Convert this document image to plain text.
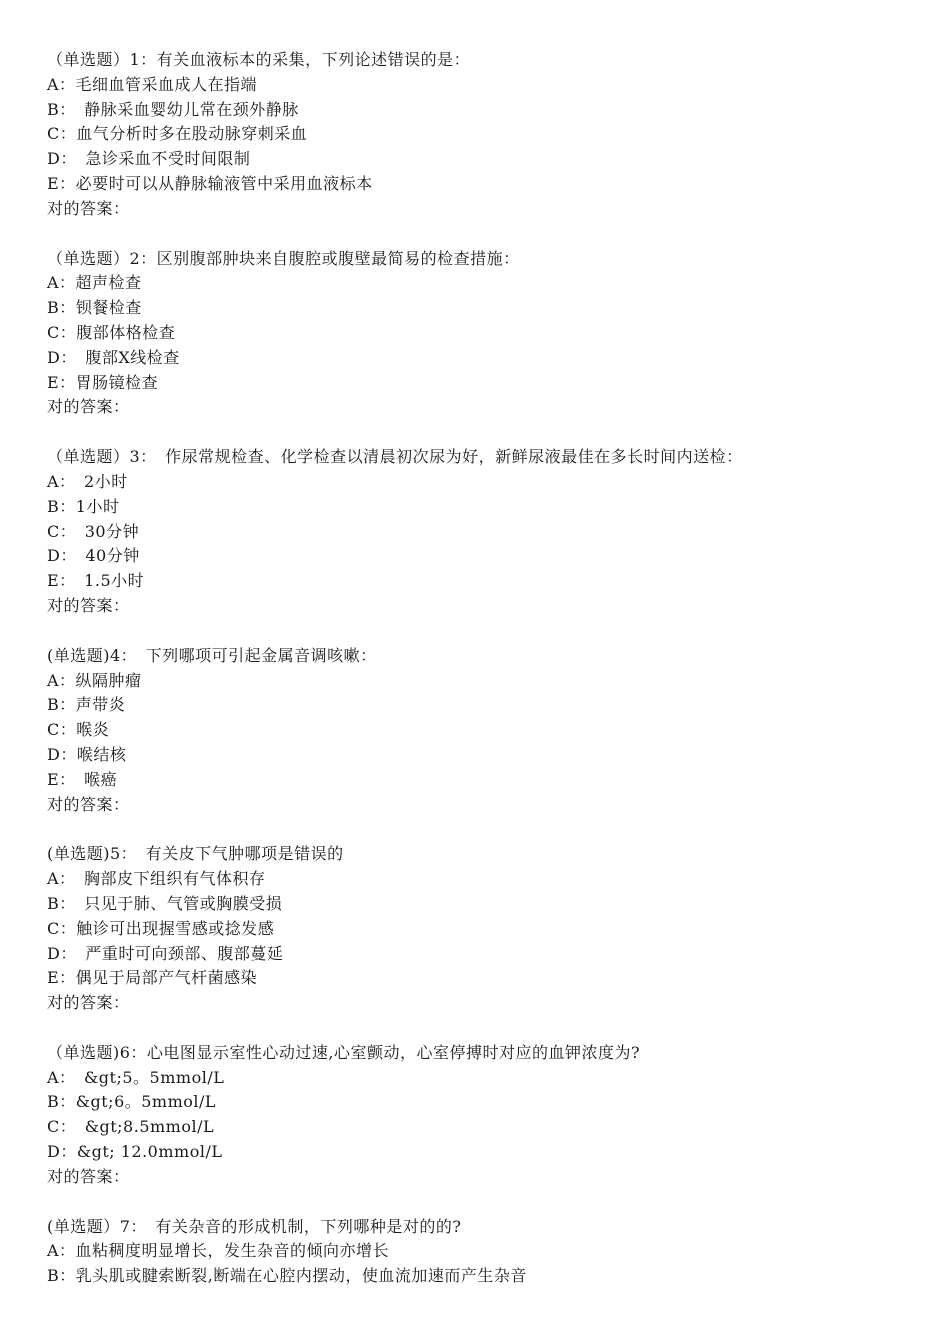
（单选题）1：有关血液标本的采集，下列论述错误的是：
A：毛细血管采血成人在指端
B：　静脉采血婴幼儿常在颈外静脉
C：血气分析时多在股动脉穿刺采血
D：　急诊采血不受时间限制
E：必要时可以从静脉输液管中采用血液标本
对的答案：
（单选题）2：区别腹部肿块来自腹腔或腹壁最简易的检查措施：
A：超声检查
B：钡餐检查
C：腹部体格检查
D：　腹部X线检查
E：胃肠镜检查
对的答案：
（单选题）3：　作尿常规检查、化学检查以清晨初次尿为好，新鲜尿液最佳在多长时间内送检：
A：　2小时
B：1小时
C：　30分钟
D：　40分钟
E：　1.5小时
对的答案：
(单选题)4：　下列哪项可引起金属音调咳嗽：
A：纵隔肿瘤
B：声带炎
C：喉炎
D：喉结核
E：　喉癌
对的答案：
(单选题)5：　有关皮下气肿哪项是错误的
A：　胸部皮下组织有气体积存
B：　只见于肺、气管或胸膜受损
C：触诊可出现握雪感或捻发感
D：　严重时可向颈部、腹部蔓延
E：偶见于局部产气杆菌感染
对的答案：
（单选题)6：心电图显示室性心动过速,心室颤动，心室停搏时对应的血钾浓度为?
A：　&gt;5。5mmol/L
B：&gt;6。5mmol/L
C：　&gt;8.5mmol/L
D：&gt; 12.0mmol/L
对的答案：
(单选题）7：　有关杂音的形成机制，下列哪种是对的的?
A：血粘稠度明显增长，发生杂音的倾向亦增长
B：乳头肌或腱索断裂,断端在心腔内摆动，使血流加速而产生杂音
